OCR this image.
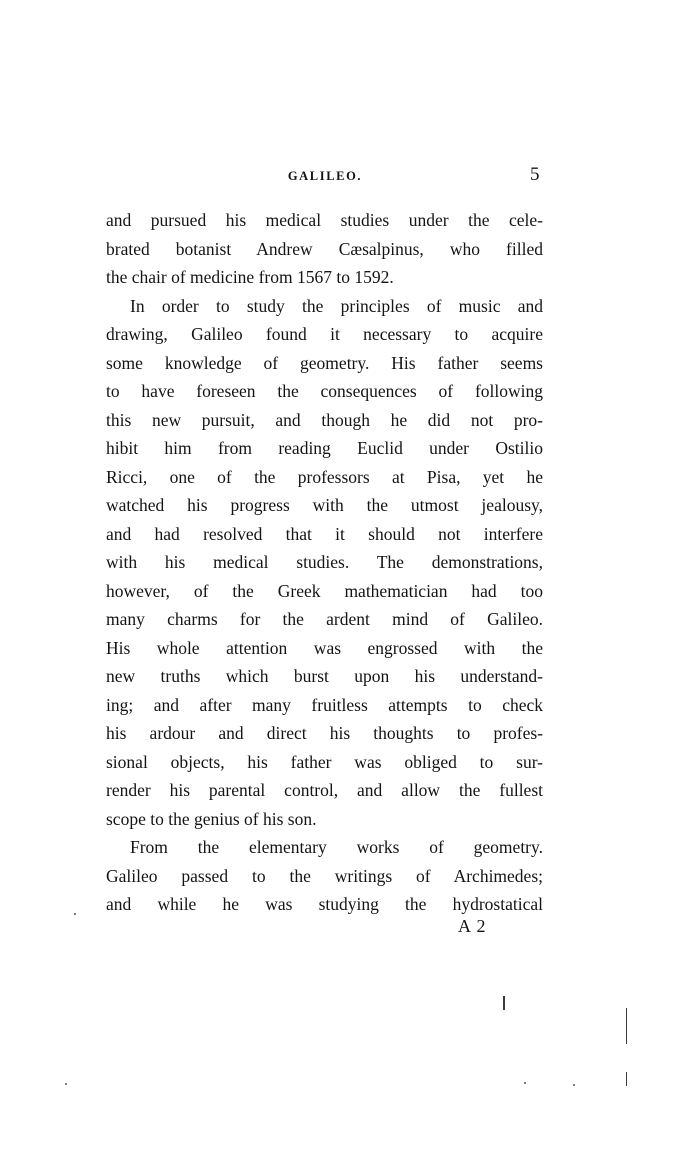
GALILEO.	5
and pursued his medical studies under the cele-
brated botanist Andrew Cæsalpinus, who filled
the chair of medicine from 1567 to 1592.
In order to study the principles of music and
drawing, Galileo found it necessary to acquire
some knowledge of geometry. His father seems
to have foreseen the consequences of following
this new pursuit, and though he did not pro-
hibit him from reading Euclid under Ostilio
Ricci, one of the professors at Pisa, yet he
watched his progress with the utmost jealousy,
and had resolved that it should not interfere
with his medical studies. The demonstrations,
however, of the Greek mathematician had too
many charms for the ardent mind of Galileo.
His whole attention was engrossed with the
new truths which burst upon his understand-
ing; and after many fruitless attempts to check
his ardour and direct his thoughts to profes-
sional objects, his father was obliged to sur-
render his parental control, and allow the fullest
scope to the genius of his son.
From the elementary works of geometry.
Galileo passed to the writings of Archimedes;
and while he was studying the hydrostatical
A 2
